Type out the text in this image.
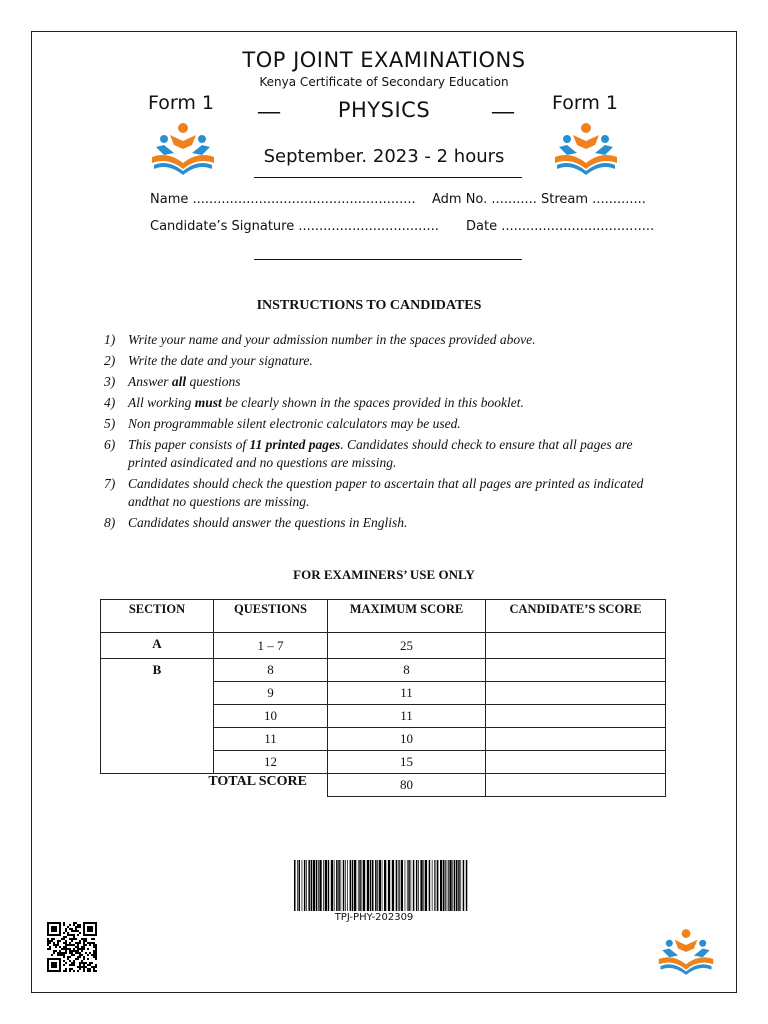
TOP JOINT EXAMINATIONS
Kenya Certificate of Secondary Education
Form 1	Form 1
—	—
PHYSICS
September. 2023 - 2 hours
Name ...................................................... Adm No. ........... Stream .............
Candidate’s Signature .................................. Date .....................................
INSTRUCTIONS TO CANDIDATES
1) Write your name and your admission number in the spaces provided above.
2) Write the date and your signature.
3) Answer all questions
4) All working must be clearly shown in the spaces provided in this booklet.
5) Non programmable silent electronic calculators may be used.
6) This paper consists of 11 printed pages. Candidates should check to ensure that all pages are printed asindicated and no questions are missing.
7) Candidates should check the question paper to ascertain that all pages are printed as indicated andthat no questions are missing.
8) Candidates should answer the questions in English.
FOR EXAMINERS’ USE ONLY
SECTION	QUESTIONS	MAXIMUM SCORE	CANDIDATE’S SCORE
A	1 – 7	25	
B	8	8	
	9	11	
	10	11	
	11	10	
	12	15	
TOTAL SCORE		80	
TPJ-PHY-202309
